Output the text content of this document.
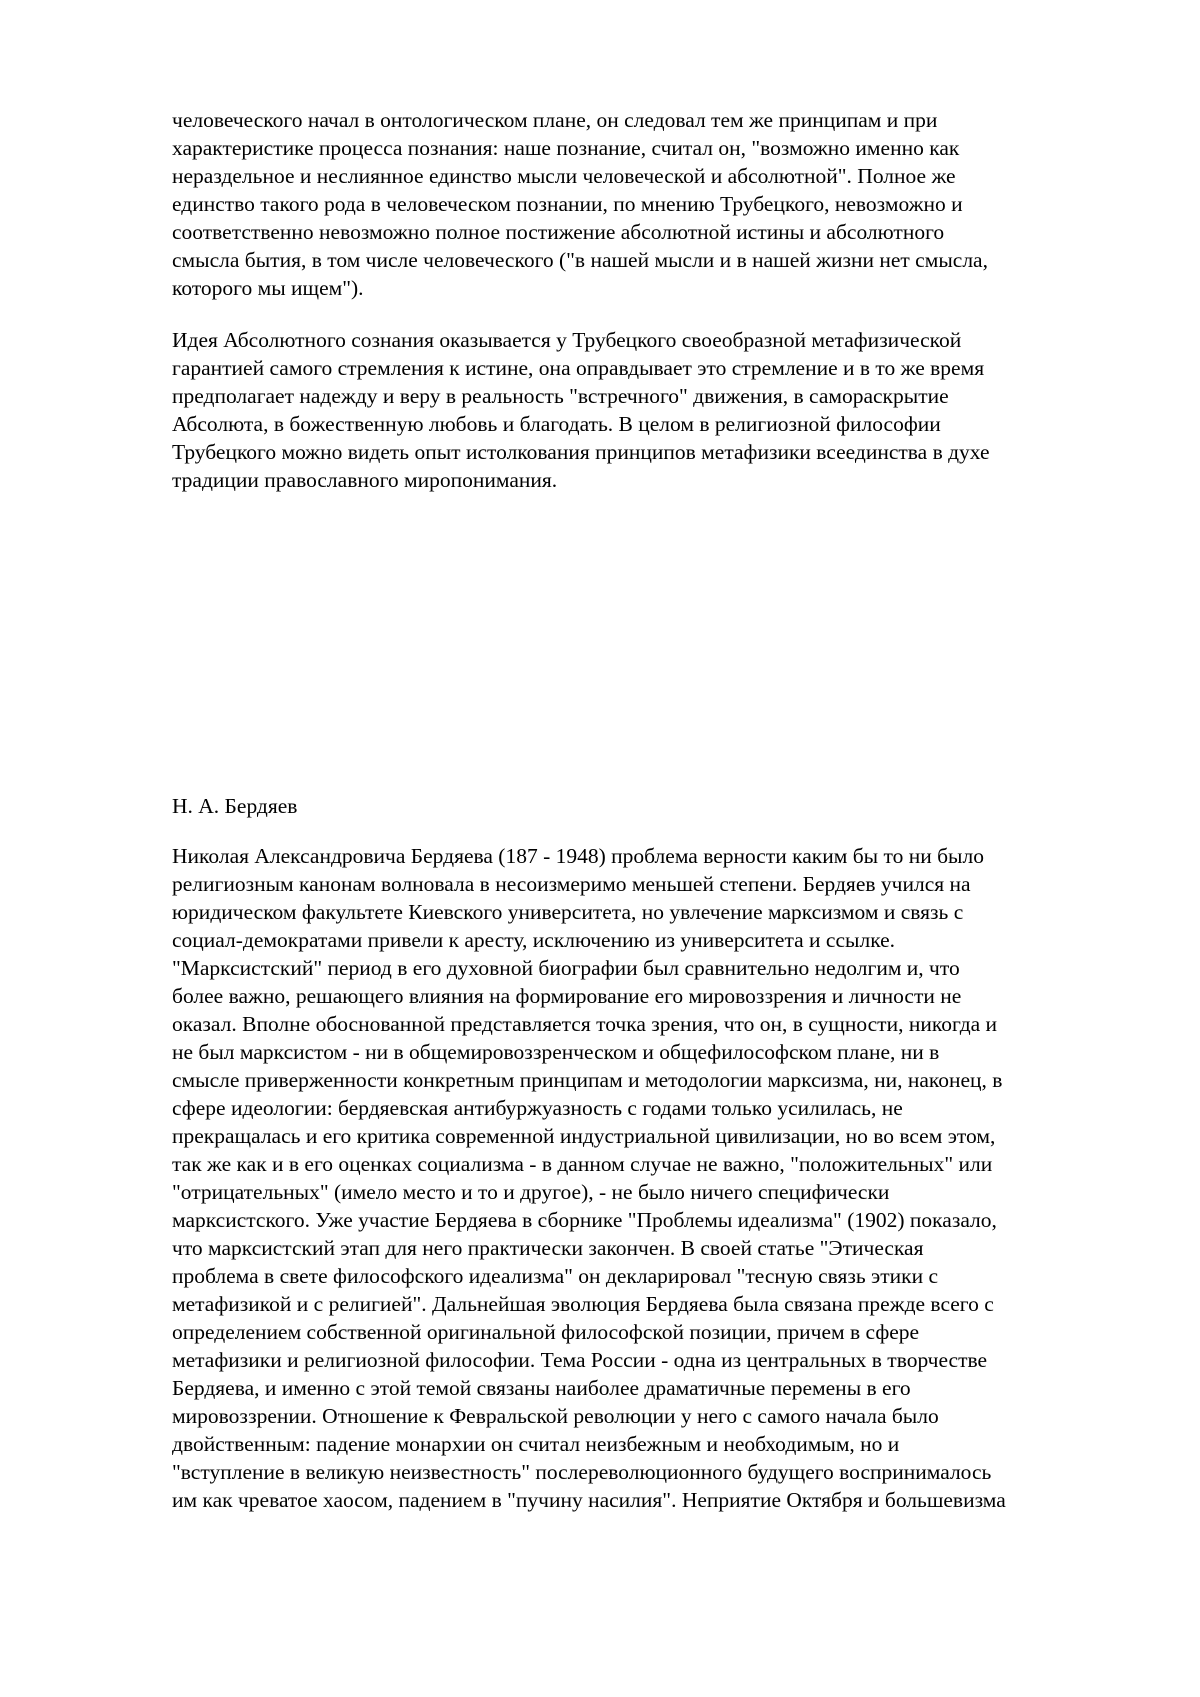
человеческого начал в онтологическом плане, он следовал тем же принципам и при

характеристике процесса познания: наше познание, считал он, "возможно именно как

нераздельное и неслиянное единство мысли человеческой и абсолютной". Полное же

единство такого рода в человеческом познании, по мнению Трубецкого, невозможно и

соответственно невозможно полное постижение абсолютной истины и абсолютного

смысла бытия, в том числе человеческого ("в нашей мысли и в нашей жизни нет смысла,

которого мы ищем").

Идея Абсолютного сознания оказывается у Трубецкого своеобразной метафизической

гарантией самого стремления к истине, она оправдывает это стремление и в то же время

предполагает надежду и веру в реальность "встречного" движения, в самораскрытие

Абсолюта, в божественную любовь и благодать. В целом в религиозной философии

Трубецкого можно видеть опыт истолкования принципов метафизики всеединства в духе

традиции православного миропонимания.

Н. А. Бердяев

Николая Александровича Бердяева (187 - 1948) проблема верности каким бы то ни было

религиозным канонам волновала в несоизмеримо меньшей степени. Бердяев учился на

юридическом факультете Киевского университета, но увлечение марксизмом и связь с

социал-демократами привели к аресту, исключению из университета и ссылке.

"Марксистский" период в его духовной биографии был сравнительно недолгим и, что

более важно, решающего влияния на формирование его мировоззрения и личности не

оказал. Вполне обоснованной представляется точка зрения, что он, в сущности, никогда и

не был марксистом - ни в общемировоззренческом и общефилософском плане, ни в

смысле приверженности конкретным принципам и методологии марксизма, ни, наконец, в

сфере идеологии: бердяевская антибуржуазность с годами только усилилась, не

прекращалась и его критика современной индустриальной цивилизации, но во всем этом,

так же как и в его оценках социализма - в данном случае не важно, "положительных" или

"отрицательных" (имело место и то и другое), - не было ничего специфически

марксистского. Уже участие Бердяева в сборнике "Проблемы идеализма" (1902) показало,

что марксистский этап для него практически закончен. В своей статье "Этическая

проблема в свете философского идеализма" он декларировал "тесную связь этики с

метафизикой и с религией". Дальнейшая эволюция Бердяева была связана прежде всего с

определением собственной оригинальной философской позиции, причем в сфере

метафизики и религиозной философии. Тема России - одна из центральных в творчестве

Бердяева, и именно с этой темой связаны наиболее драматичные перемены в его

мировоззрении. Отношение к Февральской революции у него с самого начала было

двойственным: падение монархии он считал неизбежным и необходимым, но и

"вступление в великую неизвестность" послереволюционного будущего воспринималось

им как чреватое хаосом, падением в "пучину насилия". Неприятие Октября и большевизма
